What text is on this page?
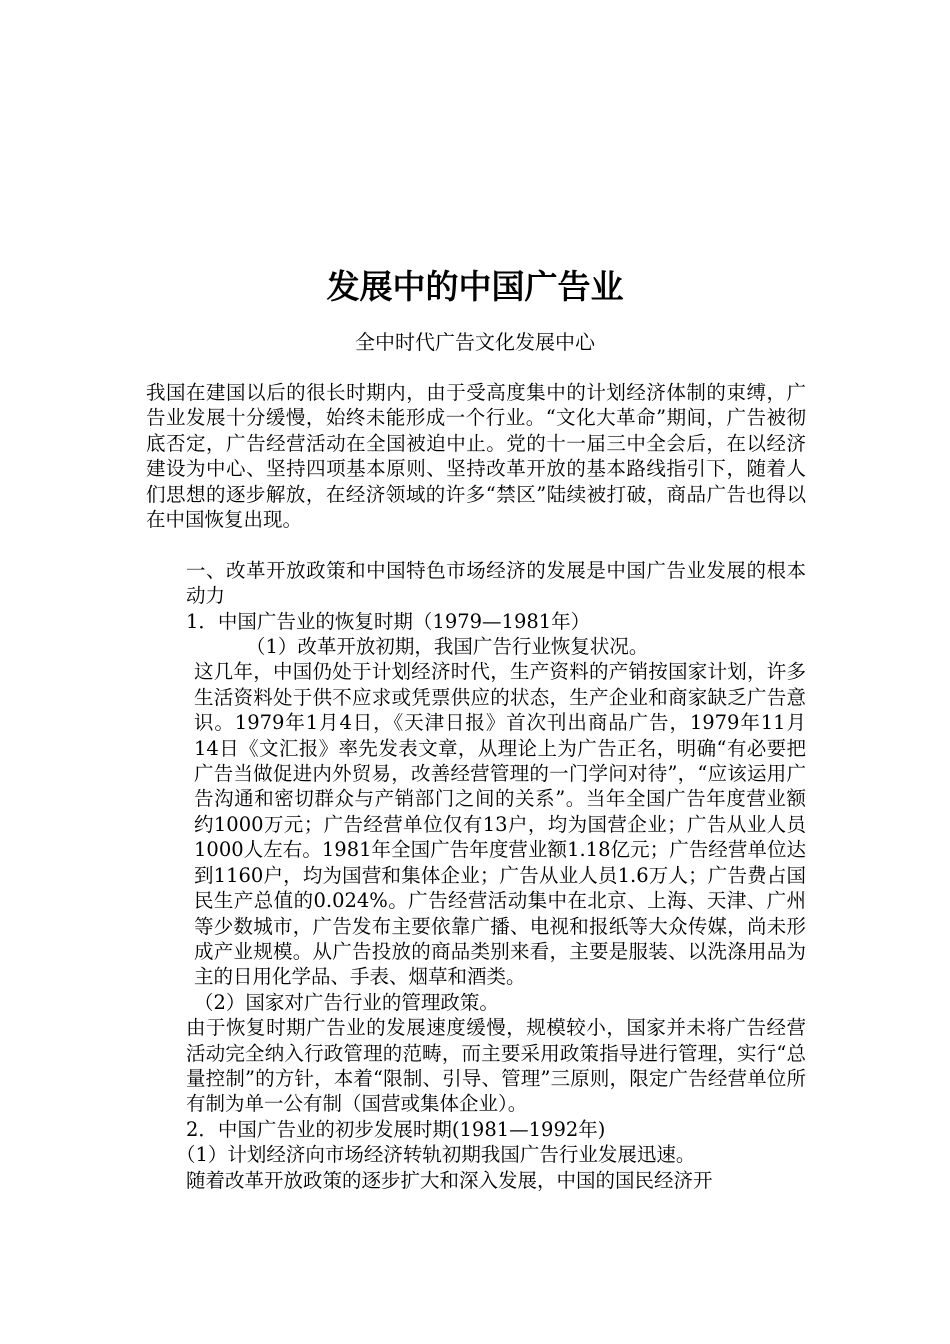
发展中的中国广告业
全中时代广告文化发展中心

我国在建国以后的很长时期内，由于受高度集中的计划经济体制的束缚，广告业发展十分缓慢，始终未能形成一个行业。“文化大革命”期间，广告被彻底否定，广告经营活动在全国被迫中止。党的十一届三中全会后，在以经济建设为中心、坚持四项基本原则、坚持改革开放的基本路线指引下，随着人们思想的逐步解放，在经济领域的许多“禁区”陆续被打破，商品广告也得以在中国恢复出现。

一、改革开放政策和中国特色市场经济的发展是中国广告业发展的根本动力

1．中国广告业的恢复时期（1979—1981年）

（1）改革开放初期，我国广告行业恢复状况。

这几年，中国仍处于计划经济时代，生产资料的产销按国家计划，许多生活资料处于供不应求或凭票供应的状态，生产企业和商家缺乏广告意识。1979年1月4日，《天津日报》首次刊出商品广告，1979年11月14日《文汇报》率先发表文章，从理论上为广告正名，明确“有必要把广告当做促进内外贸易，改善经营管理的一门学问对待”，“应该运用广告沟通和密切群众与产销部门之间的关系”。当年全国广告年度营业额约1000万元；广告经营单位仅有13户，均为国营企业；广告从业人员1000人左右。1981年全国广告年度营业额1.18亿元；广告经营单位达到1160户，均为国营和集体企业；广告从业人员1.6万人；广告费占国民生产总值的0.024%。广告经营活动集中在北京、上海、天津、广州等少数城市，广告发布主要依靠广播、电视和报纸等大众传媒，尚未形成产业规模。从广告投放的商品类别来看，主要是服装、以洗涤用品为主的日用化学品、手表、烟草和酒类。

（2）国家对广告行业的管理政策。

由于恢复时期广告业的发展速度缓慢，规模较小，国家并未将广告经营活动完全纳入行政管理的范畴，而主要采用政策指导进行管理，实行“总量控制”的方针，本着“限制、引导、管理”三原则，限定广告经营单位所有制为单一公有制（国营或集体企业）。

2．中国广告业的初步发展时期(1981—1992年)

（1）计划经济向市场经济转轨初期我国广告行业发展迅速。

随着改革开放政策的逐步扩大和深入发展，中国的国民经济开
